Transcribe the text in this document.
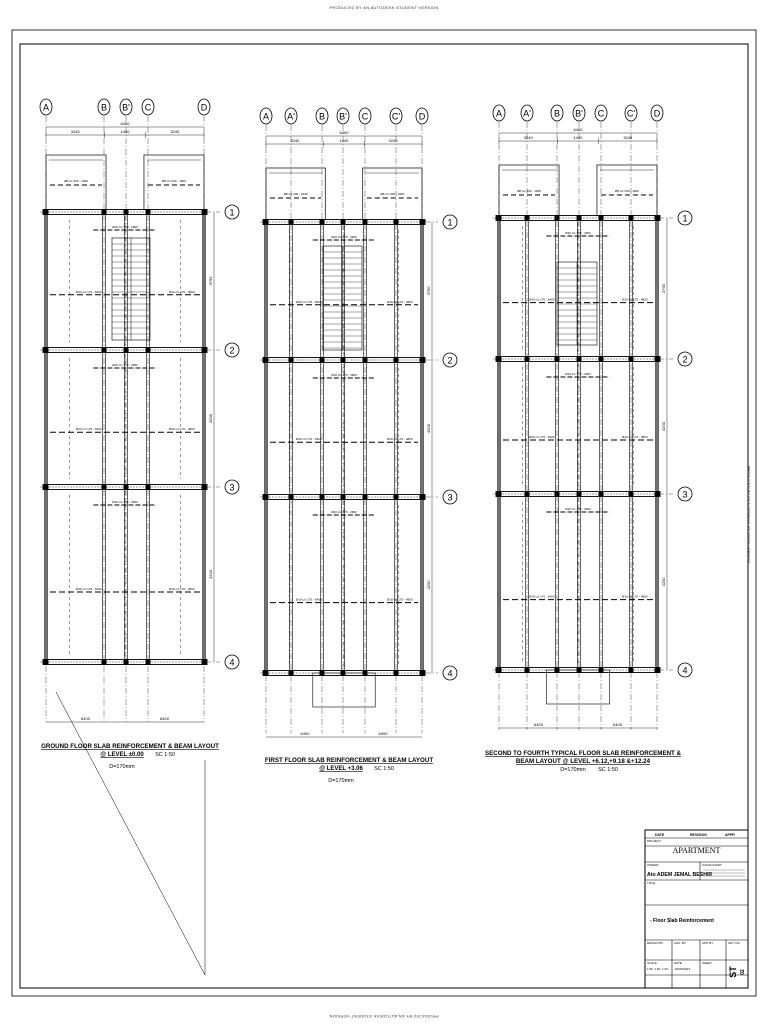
PRODUCED BY AN AUTODESK STUDENT VERSION
PRODUCED BY AN AUTODESK STUDENT VERSION
PRODUCED BY AN AUTODESK STUDENT VERSION
A	B B' C	D
1
2
3
4
6400
3240	1440	3240
3790
4200
4200
Ø8 c/c 200 - 1900	Ø8 c/c 200 - 1900
Ø10 c/c 170 - 6400	Ø10 c/c 170 - 4800
Ø10 c/c 170 - 2960
Ø10 c/c 170 - 6400	Ø10 c/c 170 - 4800
Ø10 c/c 170 - 2960
Ø10 c/c 170 - 6400	Ø10 c/c 170 - 4800
Ø10 c/c 170 - 2960
6400	6400
GROUND FLOOR SLAB REINFORCEMENT & BEAM LAYOUT
@ LEVEL ±0.00 SC 1:50
D=170mm
A A'	B B' C	C' D
1
2
3
4
6400
3240	1440	3240
3790
4200
4200
Ø8 c/c 200 - 1900	Ø8 c/c 200 - 1900
Ø10 c/c 170 - 6400	Ø10 c/c 170 - 4800
Ø10 c/c 170 - 2960
Ø10 c/c 170 - 6400	Ø10 c/c 170 - 4800
Ø10 c/c 170 - 2960
Ø10 c/c 170 - 6400	Ø10 c/c 170 - 4800
Ø10 c/c 170 - 2960
6400	6400
FIRST FLOOR SLAB REINFORCEMENT & BEAM LAYOUT
@ LEVEL +3.06 SC 1:50
D=170mm
A A'	B B' C	C' D
1
2
3
4
6400
3240	1440	3240
3790
4200
4200
Ø8 c/c 200 - 1900	Ø8 c/c 200 - 1900
Ø10 c/c 170 - 6400	Ø10 c/c 170 - 4800
Ø10 c/c 170 - 2960
Ø10 c/c 170 - 6400	Ø10 c/c 170 - 4800
Ø10 c/c 170 - 2960
Ø10 c/c 170 - 6400	Ø10 c/c 170 - 4800
Ø10 c/c 170 - 2960
6400	6400
SECOND TO FOURTH TYPICAL FLOOR SLAB REINFORCEMENT &
BEAM LAYOUT @ LEVEL +6.12,+9.18 &+12.24
D=170mm SC 1:50
DATE	REVISION	APPR
PROJECT
APARTMENT
OWNER
Ato ADEM JEMAL BESHIR
CONSULTANT
TITLE
- Floor Slab Reinforcement
DESIGN BY	CHK. BY	APP. BY	SHT. NO
SCALE	DATE	SHEET
1:50, 1:50, 1:20 04/05/2024	ST 02
